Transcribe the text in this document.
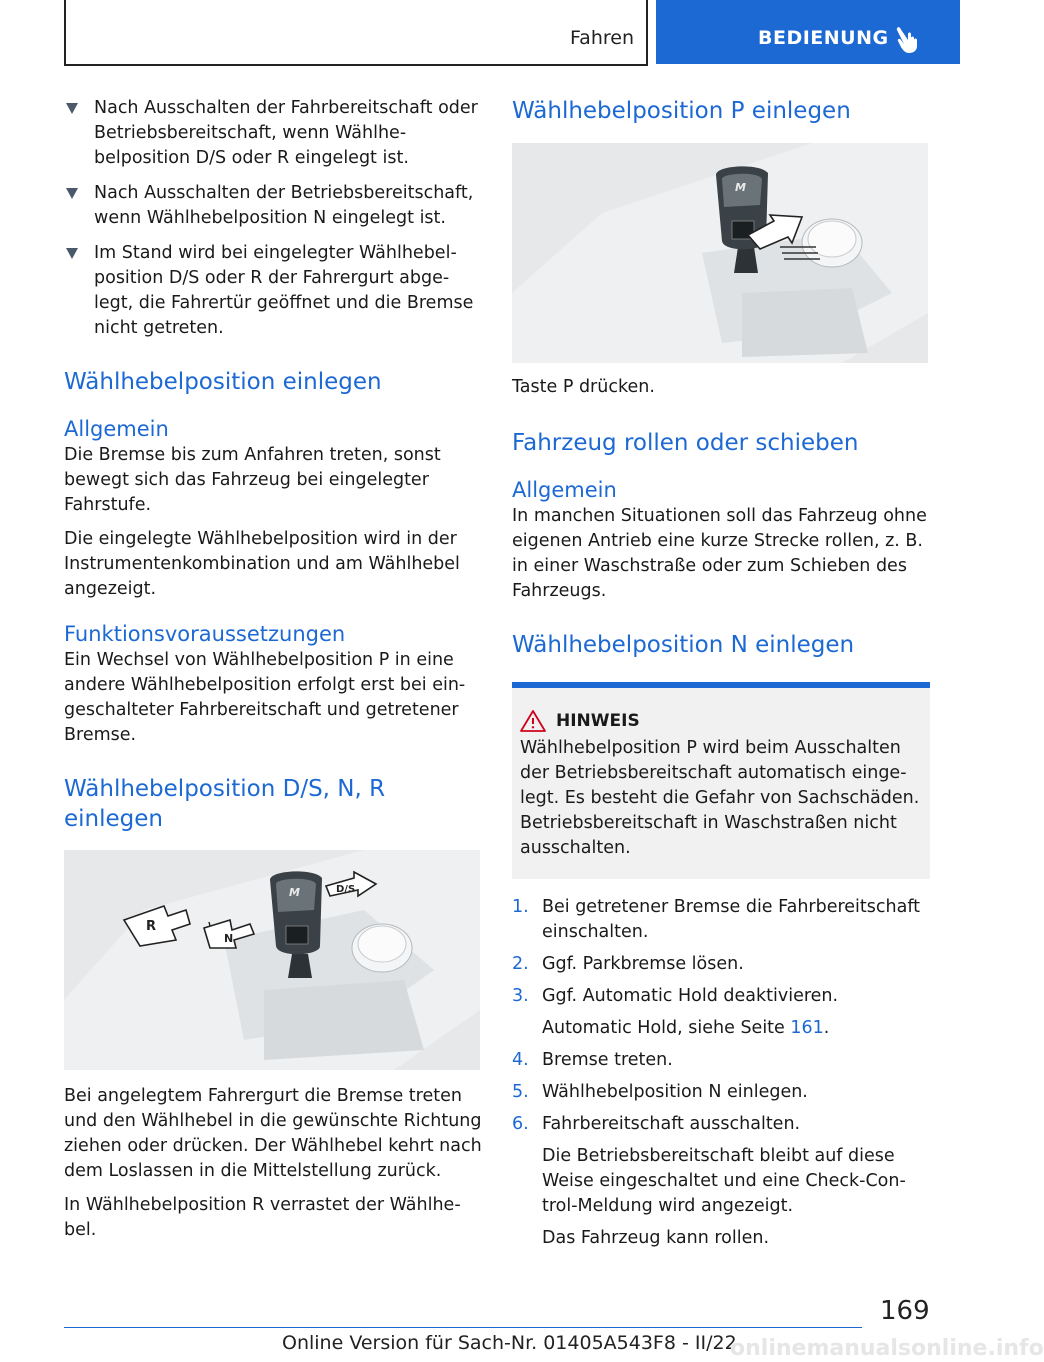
Fahren	BEDIENUNG
Nach Ausschalten der Fahrbereitschaft oder Betriebsbereitschaft, wenn Wählhebelposition D/S oder R eingelegt ist.
Nach Ausschalten der Betriebsbereitschaft, wenn Wählhebelposition N eingelegt ist.
Im Stand wird bei eingelegter Wählhebelposition D/S oder R der Fahrergurt abgelegt, die Fahrertür geöffnet und die Bremse nicht getreten.
Wählhebelposition einlegen
Allgemein

Die Bremse bis zum Anfahren treten, sonst bewegt sich das Fahrzeug bei eingelegter Fahrstufe.

Die eingelegte Wählhebelposition wird in der Instrumentenkombination und am Wählhebel angezeigt.

Funktionsvoraussetzungen

Ein Wechsel von Wählhebelposition P in eine andere Wählhebelposition erfolgt erst bei eingeschalteter Fahrbereitschaft und getretener Bremse.

Wählhebelposition D/S, N, R einlegen
M
R
N
D/S

Bei angelegtem Fahrergurt die Bremse treten und den Wählhebel in die gewünschte Richtung ziehen oder drücken. Der Wählhebel kehrt nach dem Loslassen in die Mittelstellung zurück.

In Wählhebelposition R verrastet der Wählhebel.

Wählhebelposition P einlegen
M

Taste P drücken.

Fahrzeug rollen oder schieben
Allgemein

In manchen Situationen soll das Fahrzeug ohne eigenen Antrieb eine kurze Strecke rollen, z. B. in einer Waschstraße oder zum Schieben des Fahrzeugs.

Wählhebelposition N einlegen
HINWEIS

Wählhebelposition P wird beim Ausschalten der Betriebsbereitschaft automatisch eingelegt. Es besteht die Gefahr von Sachschäden. Betriebsbereitschaft in Waschstraßen nicht ausschalten.

1. Bei getretener Bremse die Fahrbereitschaft einschalten.
2. Ggf. Parkbremse lösen.
3. Ggf. Automatic Hold deaktivieren.
Automatic Hold, siehe Seite 161.
4. Bremse treten.
5. Wählhebelposition N einlegen.
6. Fahrbereitschaft ausschalten.
Die Betriebsbereitschaft bleibt auf diese Weise eingeschaltet und eine Check-Control-Meldung wird angezeigt.
Das Fahrzeug kann rollen.
169
Online Version für Sach-Nr. 01405A543F8 - II/22
onlinemanualsonline.info
